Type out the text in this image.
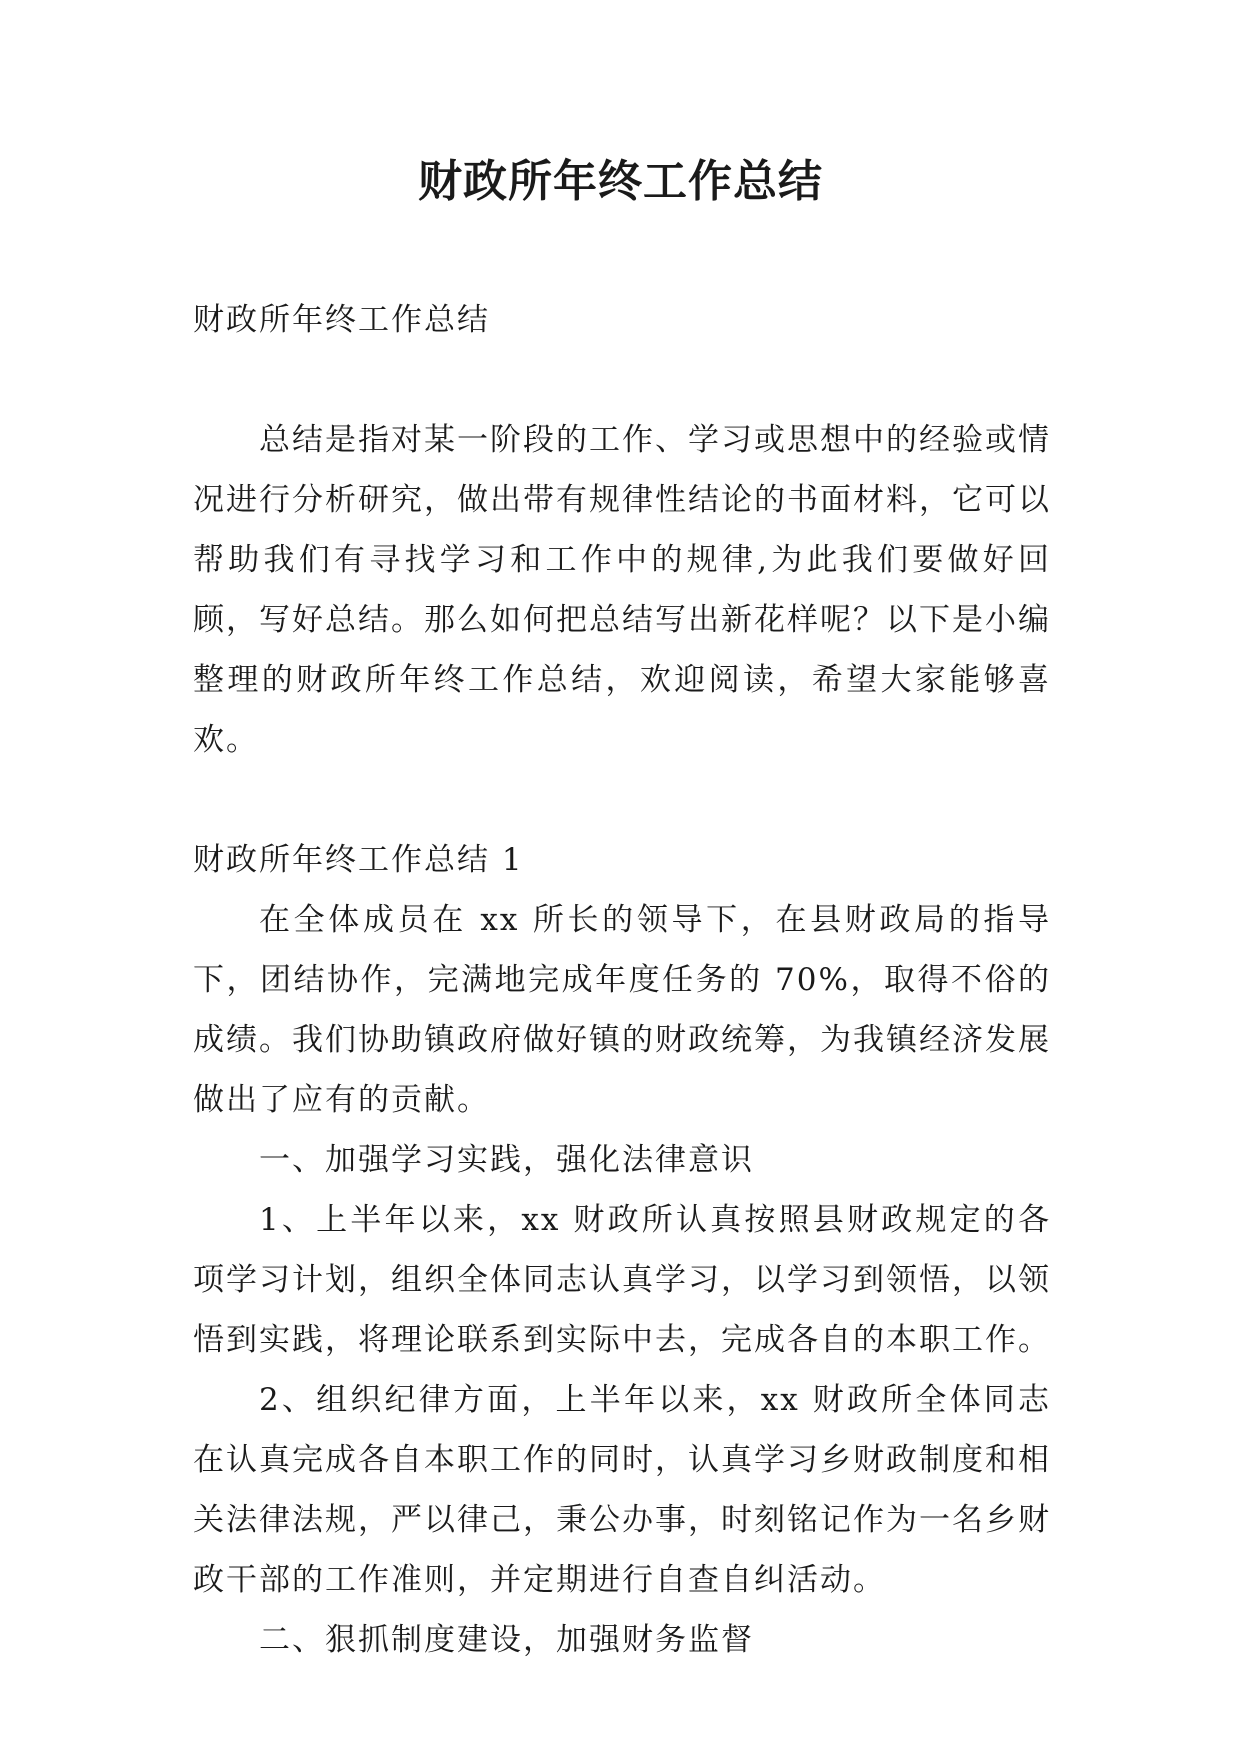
财政所年终工作总结

财政所年终工作总结

总结是指对某一阶段的工作、学习或思想中的经验或情况进行分析研究，做出带有规律性结论的书面材料，它可以帮助我们有寻找学习和工作中的规律,为此我们要做好回顾，写好总结。那么如何把总结写出新花样呢？以下是小编整理的财政所年终工作总结，欢迎阅读，希望大家能够喜欢。

财政所年终工作总结 1

在全体成员在 xx 所长的领导下，在县财政局的指导下，团结协作，完满地完成年度任务的 70%，取得不俗的成绩。我们协助镇政府做好镇的财政统筹，为我镇经济发展做出了应有的贡献。

一、加强学习实践，强化法律意识

1、上半年以来，xx 财政所认真按照县财政规定的各项学习计划，组织全体同志认真学习，以学习到领悟，以领悟到实践，将理论联系到实际中去，完成各自的本职工作。

2、组织纪律方面，上半年以来，xx 财政所全体同志在认真完成各自本职工作的同时，认真学习乡财政制度和相关法律法规，严以律己，秉公办事，时刻铭记作为一名乡财政干部的工作准则，并定期进行自查自纠活动。

二、狠抓制度建设，加强财务监督
